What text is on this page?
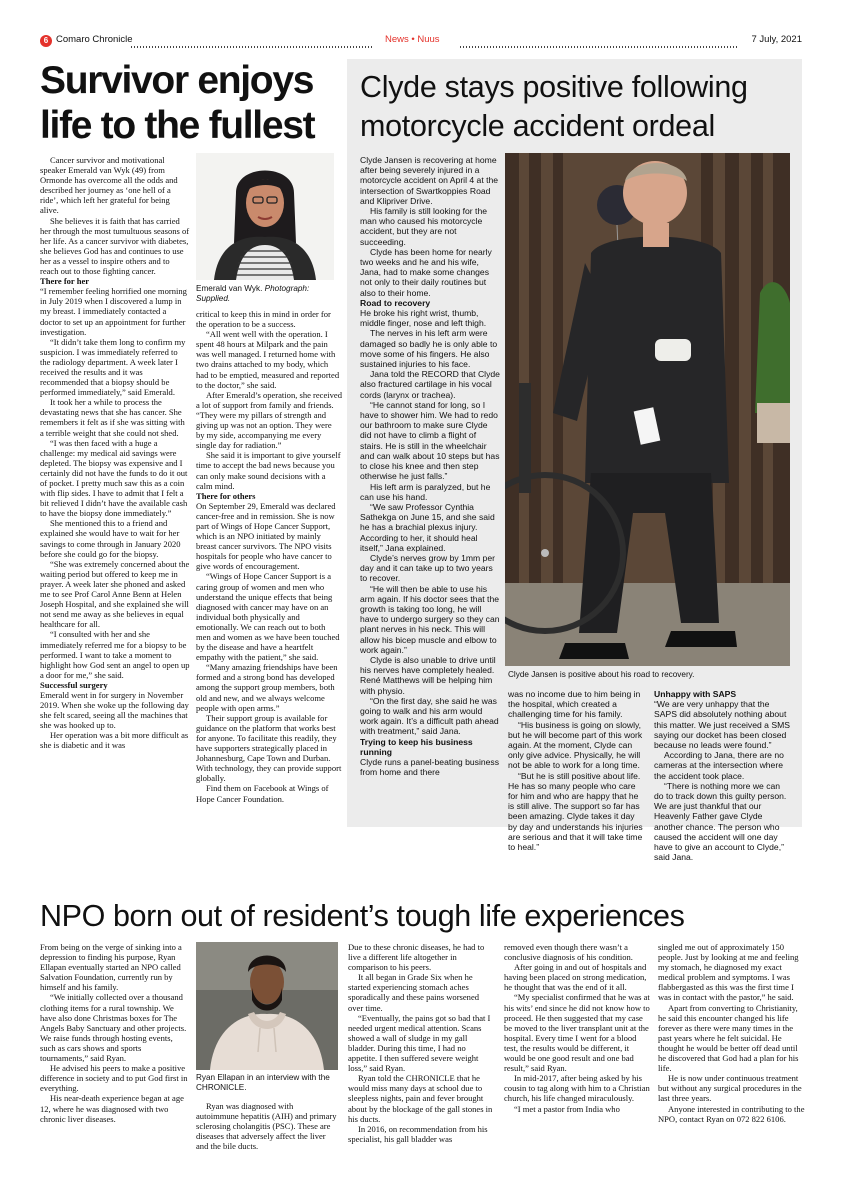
6 Comaro Chronicle	News • Nuus	7 July, 2021
Survivor enjoys life to the fullest

Cancer survivor and motivational speaker Emerald van Wyk (49) from Ormonde has overcome all the odds and described her journey as ‘one hell of a ride’, which left her grateful for being alive.

She believes it is faith that has carried her through the most tumultuous seasons of her life. As a cancer survivor with diabetes, she believes God has and continues to use her as a vessel to inspire others and to reach out to those fighting cancer.

There for her

“I remember feeling horrified one morning in July 2019 when I discovered a lump in my breast. I immediately contacted a doctor to set up an appointment for further investigation.

“It didn’t take them long to confirm my suspicion. I was immediately referred to the radiology department. A week later I received the results and it was recommended that a biopsy should be performed immediately,” said Emerald.

It took her a while to process the devastating news that she has cancer. She remembers it felt as if she was sitting with a terrible weight that she could not shed.

“I was then faced with a huge a challenge: my medical aid savings were depleted. The biopsy was expensive and I certainly did not have the funds to do it out of pocket. I pretty much saw this as a coin with flip sides. I have to admit that I felt a bit relieved I didn’t have the available cash to have the biopsy done immediately.”

She mentioned this to a friend and explained she would have to wait for her savings to come through in January 2020 before she could go for the biopsy.

“She was extremely concerned about the waiting period but offered to keep me in prayer. A week later she phoned and asked me to see Prof Carol Anne Benn at Helen Joseph Hospital, and she explained she will not send me away as she believes in equal healthcare for all.

“I consulted with her and she immediately referred me for a biopsy to be performed. I want to take a moment to highlight how God sent an angel to open up a door for me,” she said.

Successful surgery

Emerald went in for surgery in November 2019. When she woke up the following day she felt scared, seeing all the machines that she was hooked up to.

Her operation was a bit more difficult as she is diabetic and it was

Emerald van Wyk. Photograph: Supplied.

critical to keep this in mind in order for the operation to be a success.

“All went well with the operation. I spent 48 hours at Milpark and the pain was well managed. I returned home with two drains attached to my body, which had to be emptied, measured and reported to the doctor,” she said.

After Emerald’s operation, she received a lot of support from family and friends. “They were my pillars of strength and giving up was not an option. They were by my side, accompanying me every single day for radiation.”

She said it is important to give yourself time to accept the bad news because you can only make sound decisions with a calm mind.

There for others

On September 29, Emerald was declared cancer-free and in remission. She is now part of Wings of Hope Cancer Support, which is an NPO initiated by mainly breast cancer survivors. The NPO visits hospitals for people who have cancer to give words of encouragement.

“Wings of Hope Cancer Support is a caring group of women and men who understand the unique effects that being diagnosed with cancer may have on an individual both physically and emotionally. We can reach out to both men and women as we have been touched by the disease and have a heartfelt empathy with the patient,” she said.

“Many amazing friendships have been formed and a strong bond has developed among the support group members, both old and new, and we always welcome people with open arms.”

Their support group is available for guidance on the platform that works best for anyone. To facilitate this readily, they have supporters strategically placed in Johannesburg, Cape Town and Durban. With technology, they can provide support globally.

Find them on Facebook at Wings of Hope Cancer Foundation.

Clyde stays positive following motorcycle accident ordeal

Clyde Jansen is recovering at home after being severely injured in a motorcycle accident on April 4 at the intersection of Swartkoppies Road and Klipriver Drive.

His family is still looking for the man who caused his motorcycle accident, but they are not succeeding.

Clyde has been home for nearly two weeks and he and his wife, Jana, had to make some changes not only to their daily routines but also to their home.

Road to recovery

He broke his right wrist, thumb, middle finger, nose and left thigh.

The nerves in his left arm were damaged so badly he is only able to move some of his fingers. He also sustained injuries to his face.

Jana told the RECORD that Clyde also fractured cartilage in his vocal cords (larynx or trachea).

“He cannot stand for long, so I have to shower him. We had to redo our bathroom to make sure Clyde did not have to climb a flight of stairs. He is still in the wheelchair and can walk about 10 steps but has to close his knee and then step otherwise he just falls.”

His left arm is paralyzed, but he can use his hand.

“We saw Professor Cynthia Sathekga on June 15, and she said he has a brachial plexus injury. According to her, it should heal itself,” Jana explained.

Clyde’s nerves grow by 1mm per day and it can take up to two years to recover.

“He will then be able to use his arm again. If his doctor sees that the growth is taking too long, he will have to undergo surgery so they can plant nerves in his neck. This will allow his bicep muscle and elbow to work again.”

Clyde is also unable to drive until his nerves have completely healed. René Matthews will be helping him with physio.

“On the first day, she said he was going to walk and his arm would work again. It’s a difficult path ahead with treatment,” said Jana.

Trying to keep his business running

Clyde runs a panel-beating business from home and there

Clyde Jansen is positive about his road to recovery.

was no income due to him being in the hospital, which created a challenging time for his family.

“His business is going on slowly, but he will become part of this work again. At the moment, Clyde can only give advice. Physically, he will not be able to work for a long time.

“But he is still positive about life. He has so many people who care for him and who are happy that he is still alive. The support so far has been amazing. Clyde takes it day by day and understands his injuries are serious and that it will take time to heal.”

Unhappy with SAPS

“We are very unhappy that the SAPS did absolutely nothing about this matter. We just received a SMS saying our docket has been closed because no leads were found.”

According to Jana, there are no cameras at the intersection where the accident took place.

“There is nothing more we can do to track down this guilty person. We are just thankful that our Heavenly Father gave Clyde another chance. The person who caused the accident will one day have to give an account to Clyde,” said Jana.

NPO born out of resident’s tough life experiences

From being on the verge of sinking into a depression to finding his purpose, Ryan Ellapan eventually started an NPO called Salvation Foundation, currently run by himself and his family.

“We initially collected over a thousand clothing items for a rural township. We have also done Christmas boxes for The Angels Baby Sanctuary and other projects. We raise funds through hosting events, such as cars shows and sports tournaments,” said Ryan.

He advised his peers to make a positive difference in society and to put God first in everything.

His near-death experience began at age 12, where he was diagnosed with two chronic liver diseases.

Ryan Ellapan in an interview with the CHRONICLE.

Ryan was diagnosed with autoimmune hepatitis (AIH) and primary sclerosing cholangitis (PSC). These are diseases that adversely affect the liver and the bile ducts.

Due to these chronic diseases, he had to live a different life altogether in comparison to his peers.

It all began in Grade Six when he started experiencing stomach aches sporadically and these pains worsened over time.

“Eventually, the pains got so bad that I needed urgent medical attention. Scans showed a wall of sludge in my gall bladder. During this time, I had no appetite. I then suffered severe weight loss,” said Ryan.

Ryan told the CHRONICLE that he would miss many days at school due to sleepless nights, pain and fever brought about by the blockage of the gall stones in his ducts.

In 2016, on recommendation from his specialist, his gall bladder was

removed even though there wasn’t a conclusive diagnosis of his condition.

After going in and out of hospitals and having been placed on strong medication, he thought that was the end of it all.

“My specialist confirmed that he was at his wits’ end since he did not know how to proceed. He then suggested that my case be moved to the liver transplant unit at the hospital. Every time I went for a blood test, the results would be different, it would be one good result and one bad result,” said Ryan.

In mid-2017, after being asked by his cousin to tag along with him to a Christian church, his life changed miraculously.

“I met a pastor from India who

singled me out of approximately 150 people. Just by looking at me and feeling my stomach, he diagnosed my exact medical problem and symptoms. I was flabbergasted as this was the first time I was in contact with the pastor,” he said.

Apart from converting to Christianity, he said this encounter changed his life forever as there were many times in the past years where he felt suicidal. He thought he would be better off dead until he discovered that God had a plan for his life.

He is now under continuous treatment but without any surgical procedures in the last three years.

Anyone interested in contributing to the NPO, contact Ryan on 072 822 6106.
